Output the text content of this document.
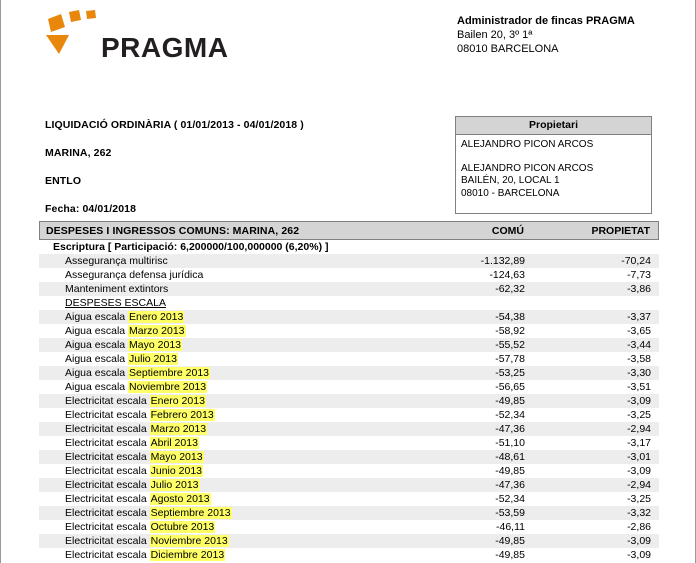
PRAGMA
Administrador de fincas PRAGMA
Bailen 20, 3º 1ª
08010 BARCELONA
LIQUIDACIÓ ORDINÀRIA ( 01/01/2013 - 04/01/2018 )
MARINA, 262
ENTLO
Fecha: 04/01/2018
Propietari
ALEJANDRO PICON ARCOS
ALEJANDRO PICON ARCOS
BAILÉN, 20, LOCAL 1
08010 - BARCELONA
DESPESES I INGRESSOS COMUNS: MARINA, 262	COMÚ	PROPIETAT
Escriptura [ Participació: 6,200000/100,000000 (6,20%) ]
Assegurança multirisc	-1.132,89	-70,24
Assegurança defensa jurídica	-124,63	-7,73
Manteniment extintors	-62,32	-3,86
DESPESES ESCALA
Aigua escala Enero 2013	-54,38	-3,37
Aigua escala Marzo 2013	-58,92	-3,65
Aigua escala Mayo 2013	-55,52	-3,44
Aigua escala Julio 2013	-57,78	-3,58
Aigua escala Septiembre 2013	-53,25	-3,30
Aigua escala Noviembre 2013	-56,65	-3,51
Electricitat escala Enero 2013	-49,85	-3,09
Electricitat escala Febrero 2013	-52,34	-3,25
Electricitat escala Marzo 2013	-47,36	-2,94
Electricitat escala Abril 2013	-51,10	-3,17
Electricitat escala Mayo 2013	-48,61	-3,01
Electricitat escala Junio 2013	-49,85	-3,09
Electricitat escala Julio 2013	-47,36	-2,94
Electricitat escala Agosto 2013	-52,34	-3,25
Electricitat escala Septiembre 2013	-53,59	-3,32
Electricitat escala Octubre 2013	-46,11	-2,86
Electricitat escala Noviembre 2013	-49,85	-3,09
Electricitat escala Diciembre 2013	-49,85	-3,09
